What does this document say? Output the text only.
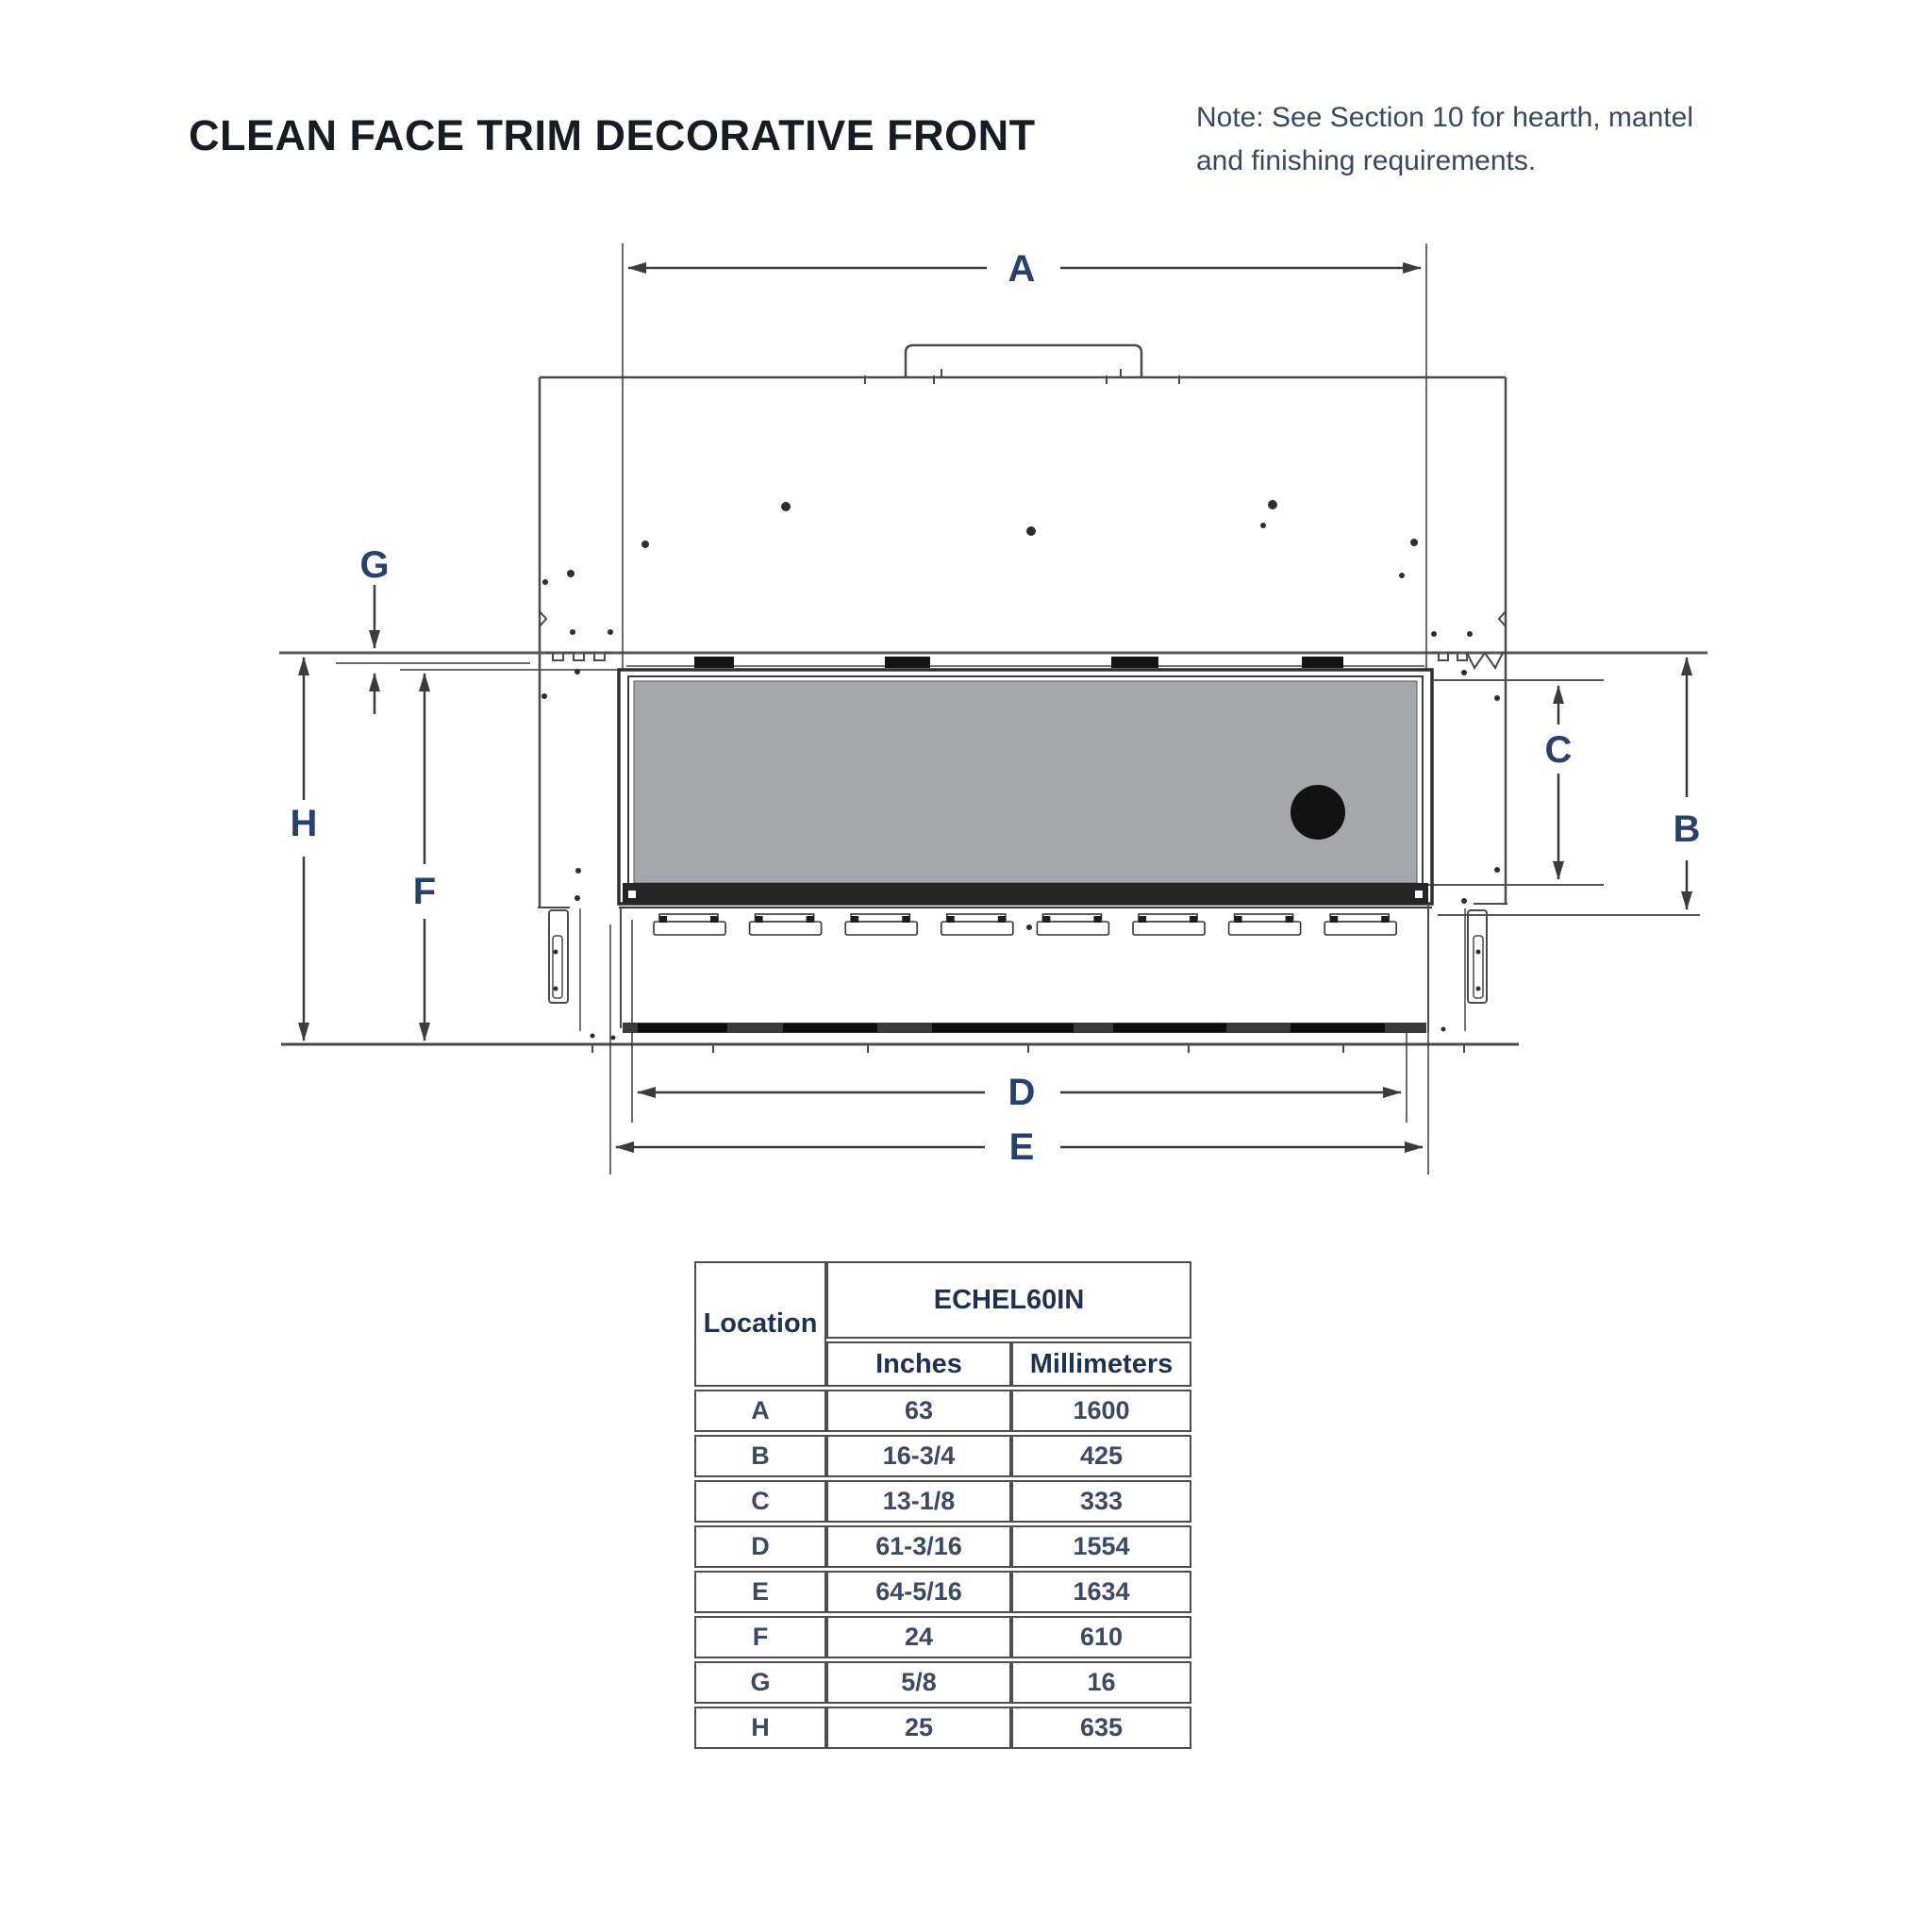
CLEAN FACE TRIM DECORATIVE FRONT	Note: See Section 10 for hearth, mantel
and finishing requirements.
A
B
C
D
E
F
G
H
Location	ECHEL60IN	
	Inches	Millimeters
A	63	1600
B	16-3/4	425
C	13-1/8	333
D	61-3/16	1554
E	64-5/16	1634
F	24	610
G	5/8	16
H	25	635
